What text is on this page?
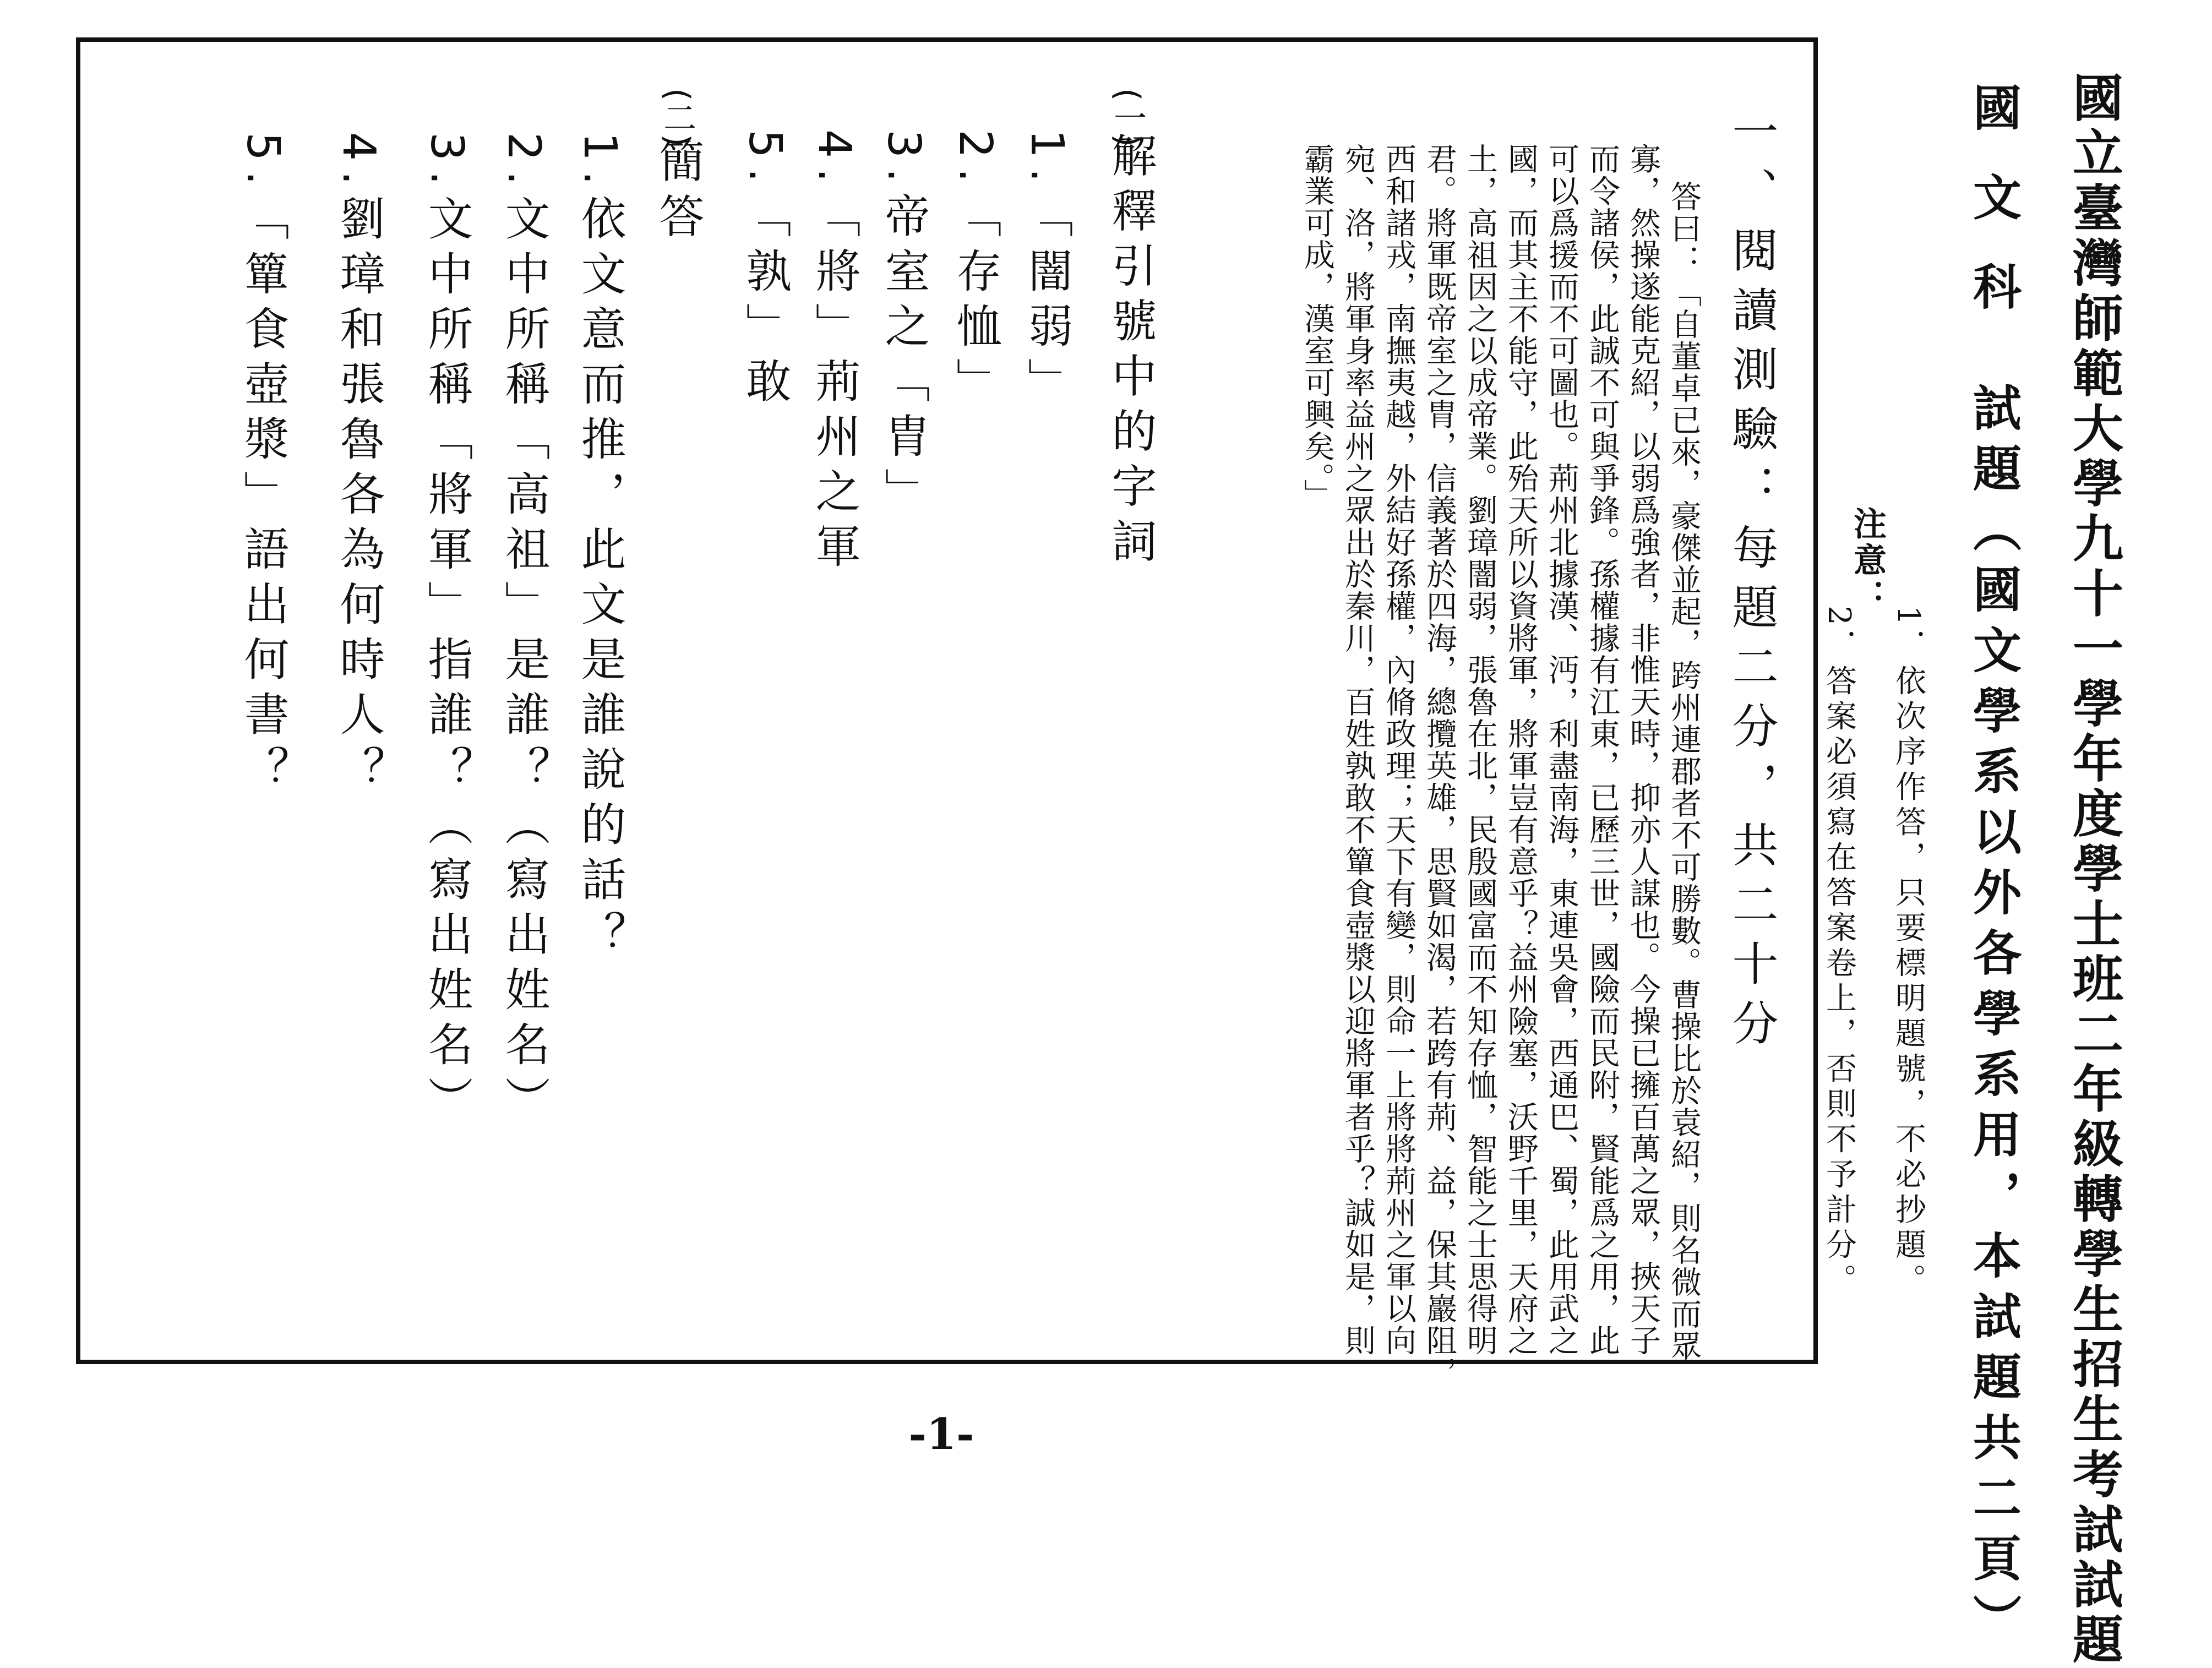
國立臺灣師範大學九十一學年度學士班二年級轉學生招生考試試題
國 文 科　試題（國文學系以外各學系用，本試題共二頁）
注意：
1．依次序作答，只要標明題號，不必抄題。
2．答案必須寫在答案卷上，否則不予計分。
一、閱讀測驗：每題二分，共二十分
答曰：「自董卓已來，豪傑並起，跨州連郡者不可勝數。曹操比於袁紹，則名微而眾
寡，然操遂能克紹，以弱爲強者，非惟天時，抑亦人謀也。今操已擁百萬之眾，挾天子
而令諸侯，此誠不可與爭鋒。孫權據有江東，已歷三世，國險而民附，賢能爲之用，此
可以爲援而不可圖也。荊州北據漢、沔，利盡南海，東連吳會，西通巴、蜀，此用武之
國，而其主不能守，此殆天所以資將軍，將軍豈有意乎？益州險塞，沃野千里，天府之
土，高祖因之以成帝業。劉璋闇弱，張魯在北，民殷國富而不知存恤，智能之士思得明
君。將軍既帝室之胄，信義著於四海，總攬英雄，思賢如渴，若跨有荊、益，保其巖阻，
西和諸戎，南撫夷越，外結好孫權，內脩政理；天下有變，則命一上將將荊州之軍以向
宛、洛，將軍身率益州之眾出於秦川，百姓孰敢不簞食壺漿以迎將軍者乎？誠如是，則
霸業可成，漢室可興矣。」
(一)
解釋引號中的字詞
1.「闇弱」
2.「存恤」
3.帝室之「胄」
4.「將」荊州之軍
5.「孰」敢
(二)
簡答
1.依文意而推，此文是誰說的話？
2.文中所稱「高祖」是誰？（寫出姓名）
3.文中所稱「將軍」指誰？（寫出姓名）
4.劉璋和張魯各為何時人？
5.「簞食壺漿」語出何書？
-1-
